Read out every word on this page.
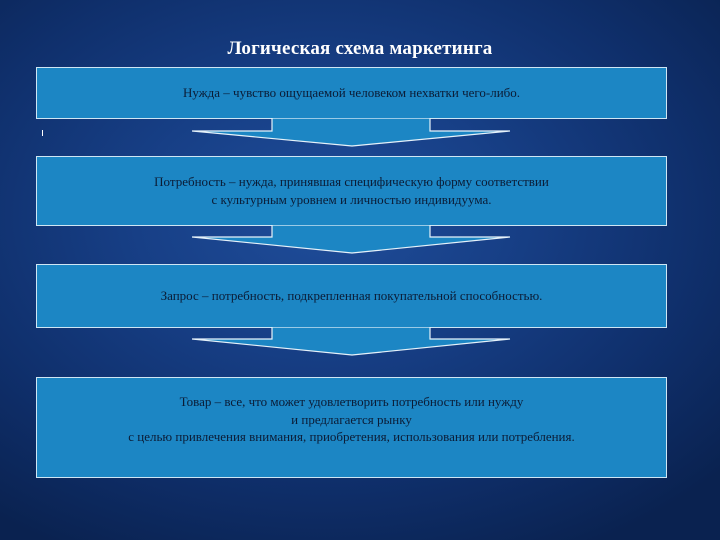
Логическая схема маркетинга
Нужда – чувство ощущаемой человеком нехватки чего-либо.
Потребность – нужда, принявшая специфическую форму соответствии
с культурным уровнем и личностью индивидуума.
Запрос – потребность, подкрепленная покупательной способностью.
Товар – все, что может удовлетворить потребность или нужду
и предлагается рынку
с целью привлечения внимания, приобретения, использования или потребления.
